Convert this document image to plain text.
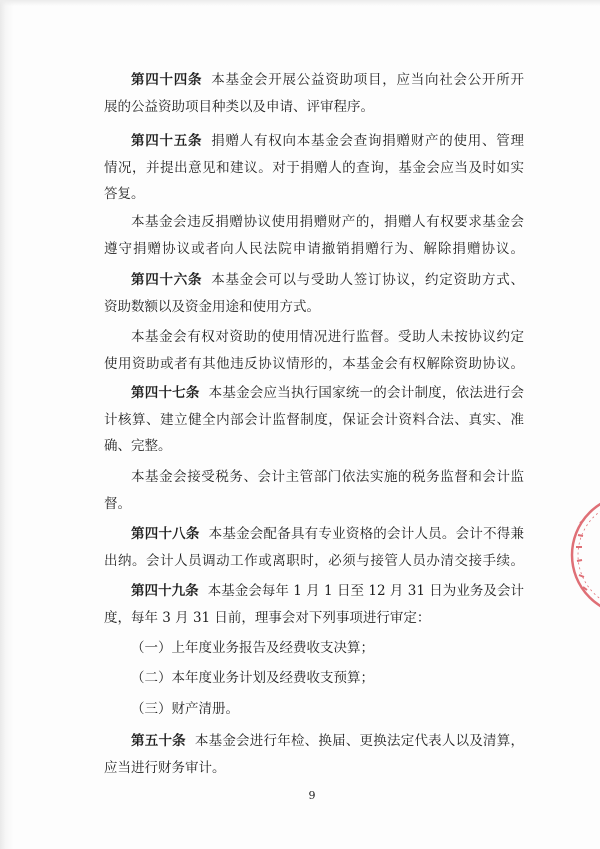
第四十四条 本基金会开展公益资助项目，应当向社会公开所开
展的公益资助项目种类以及申请、评审程序。
第四十五条 捐赠人有权向本基金会查询捐赠财产的使用、管理
情况，并提出意见和建议。对于捐赠人的查询，基金会应当及时如实
答复。
本基金会违反捐赠协议使用捐赠财产的，捐赠人有权要求基金会
遵守捐赠协议或者向人民法院申请撤销捐赠行为、解除捐赠协议。
第四十六条 本基金会可以与受助人签订协议，约定资助方式、
资助数额以及资金用途和使用方式。
本基金会有权对资助的使用情况进行监督。受助人未按协议约定
使用资助或者有其他违反协议情形的，本基金会有权解除资助协议。
第四十七条 本基金会应当执行国家统一的会计制度，依法进行会
计核算、建立健全内部会计监督制度，保证会计资料合法、真实、准
确、完整。
本基金会接受税务、会计主管部门依法实施的税务监督和会计监
督。
第四十八条 本基金会配备具有专业资格的会计人员。会计不得兼
出纳。会计人员调动工作或离职时，必须与接管人员办清交接手续。
第四十九条 本基金会每年 1 月 1 日至 12 月 31 日为业务及会计
度，每年 3 月 31 日前，理事会对下列事项进行审定：
（一）上年度业务报告及经费收支决算；
（二）本年度业务计划及经费收支预算；
（三）财产清册。
第五十条 本基金会进行年检、换届、更换法定代表人以及清算，
应当进行财务审计。
9
